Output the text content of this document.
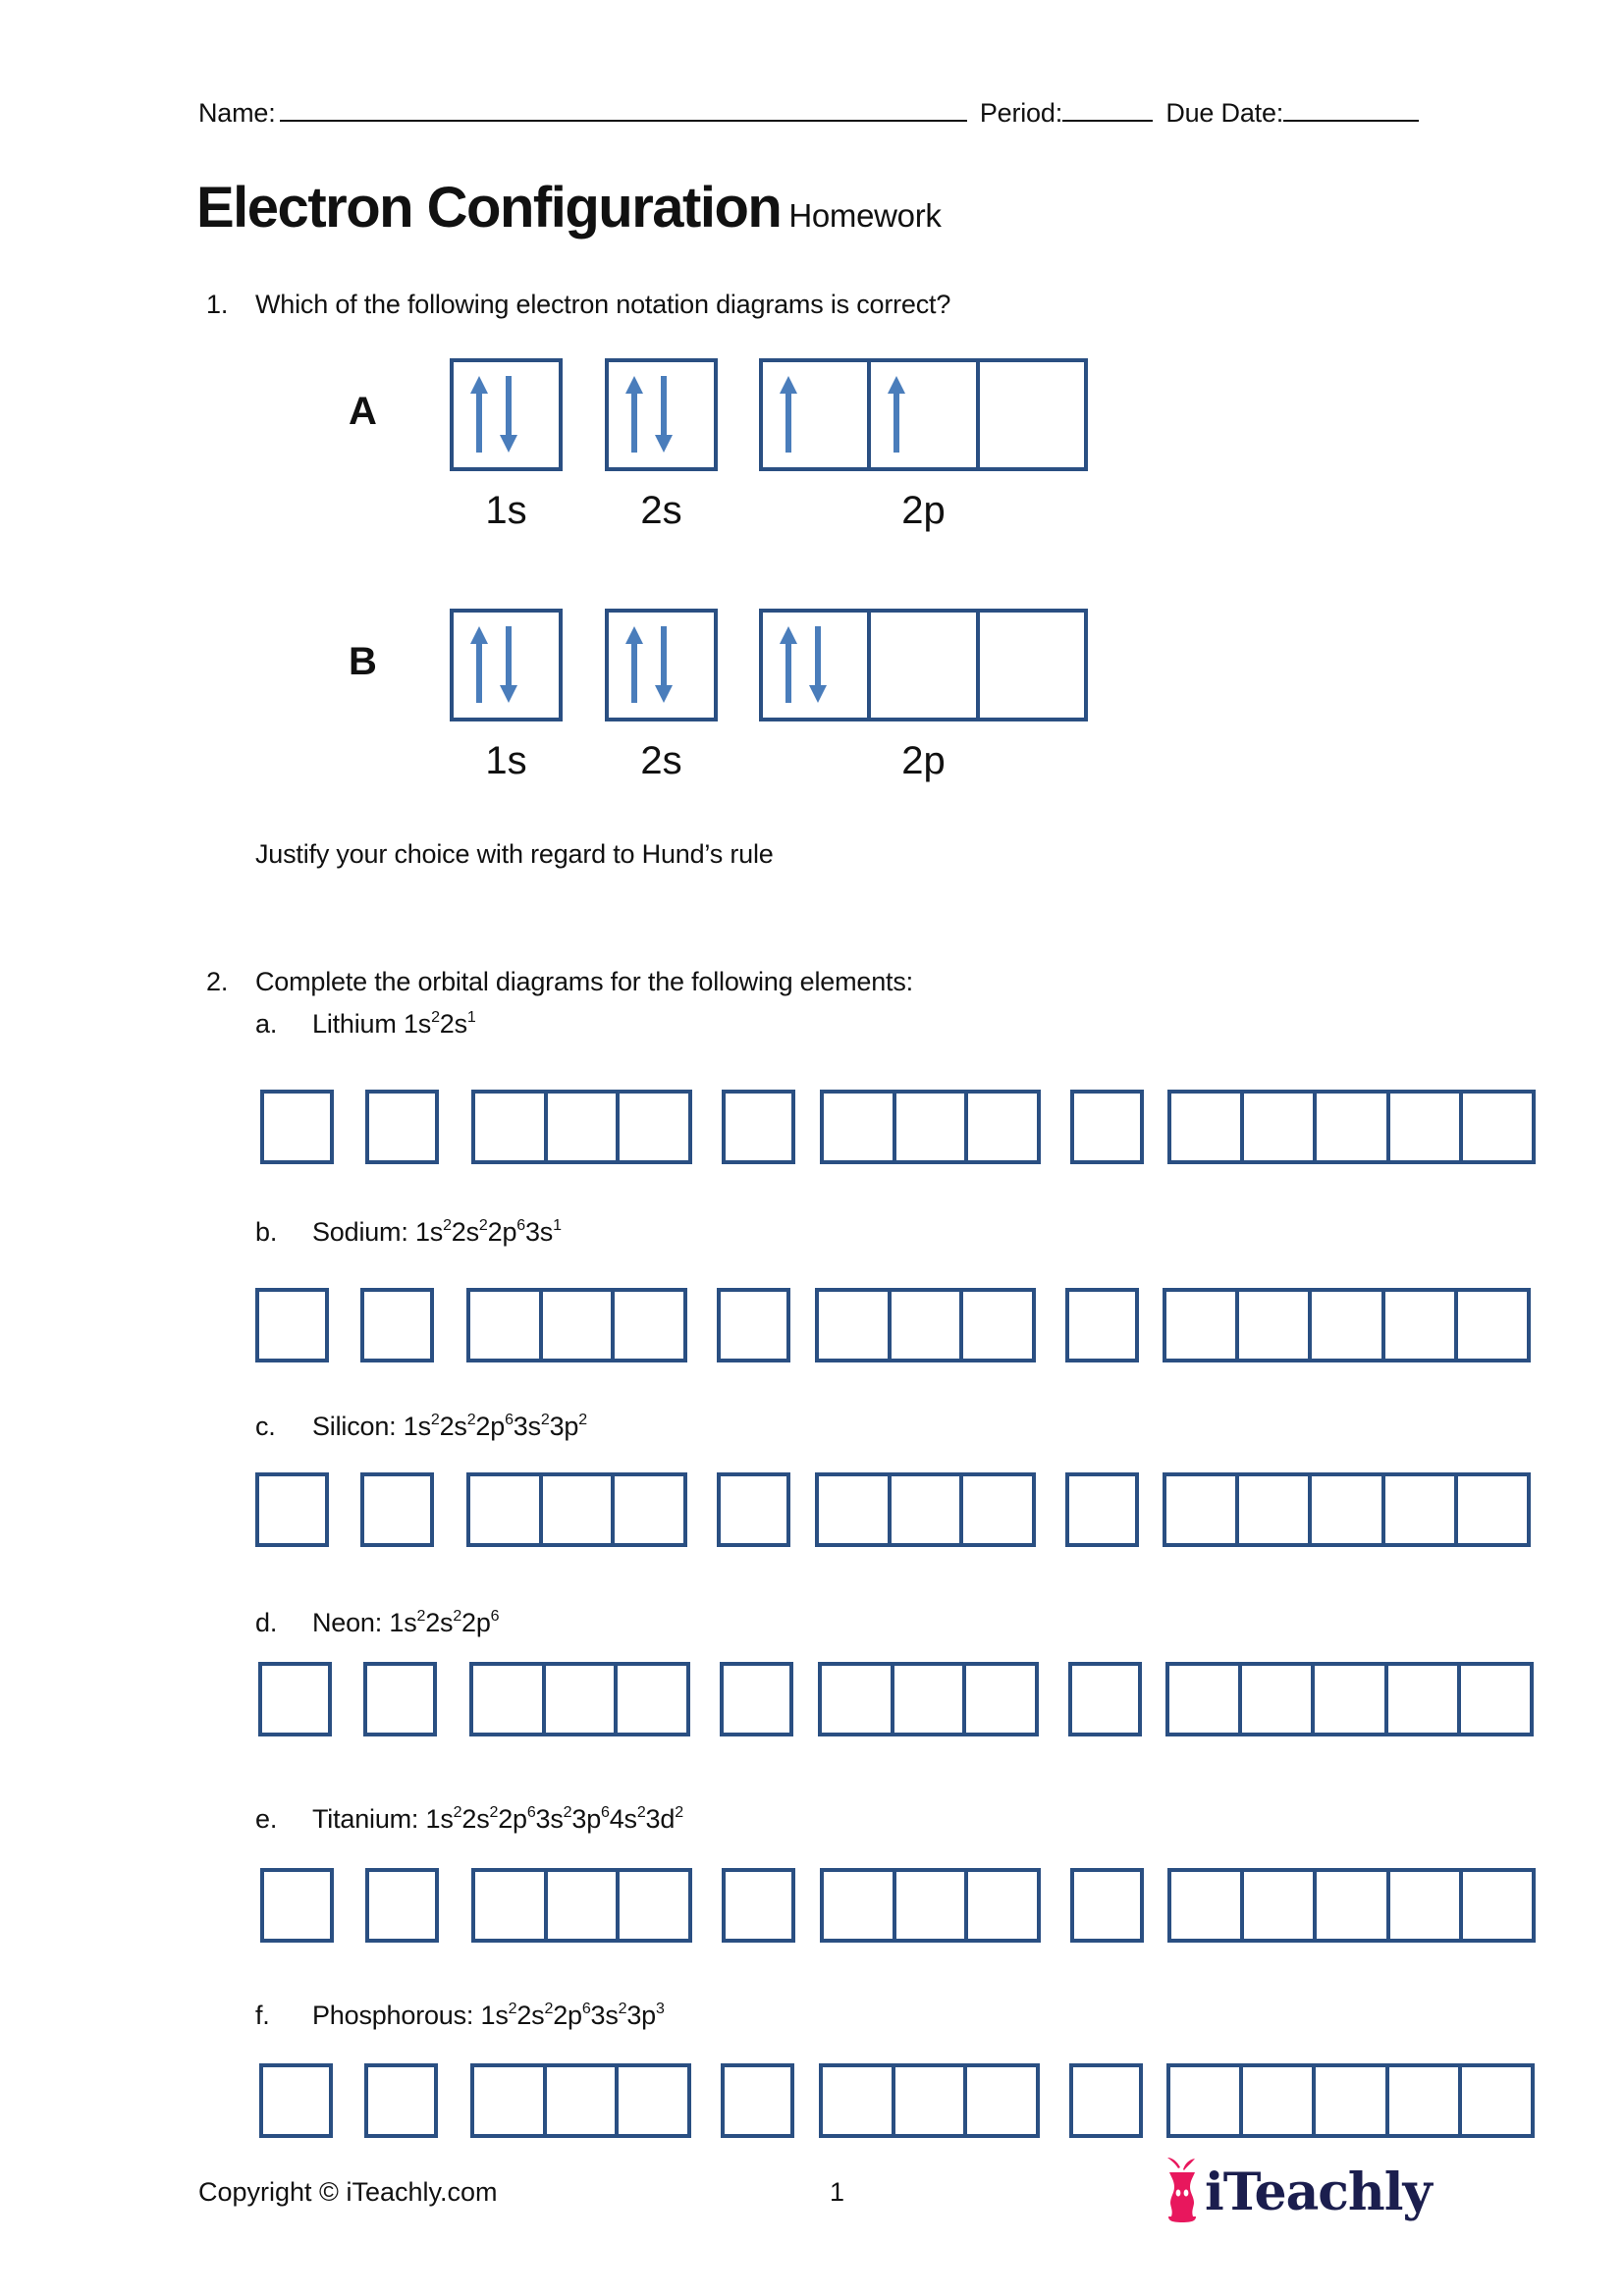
Name:	Period:	Due Date:
Electron Configuration Homework
1. Which of the following electron notation diagrams is correct?
A
1s	2s	2p
B
1s	2s	2p
Justify your choice with regard to Hund’s rule
2. Complete the orbital diagrams for the following elements:
a. Lithium $1s^22s^1$
b. Sodium: $1s^22s^22p^63s^1$
c. Silicon: $1s^22s^22p^63s^23p^2$
d. Neon: $1s^22s^22p^6$
e. Titanium: $1s^22s^22p^63s^23p^64s^23d^2$
f. Phosphorous: $1s^22s^22p^63s^23p^3$
Copyright © iTeachly.com	1	iTeachly
